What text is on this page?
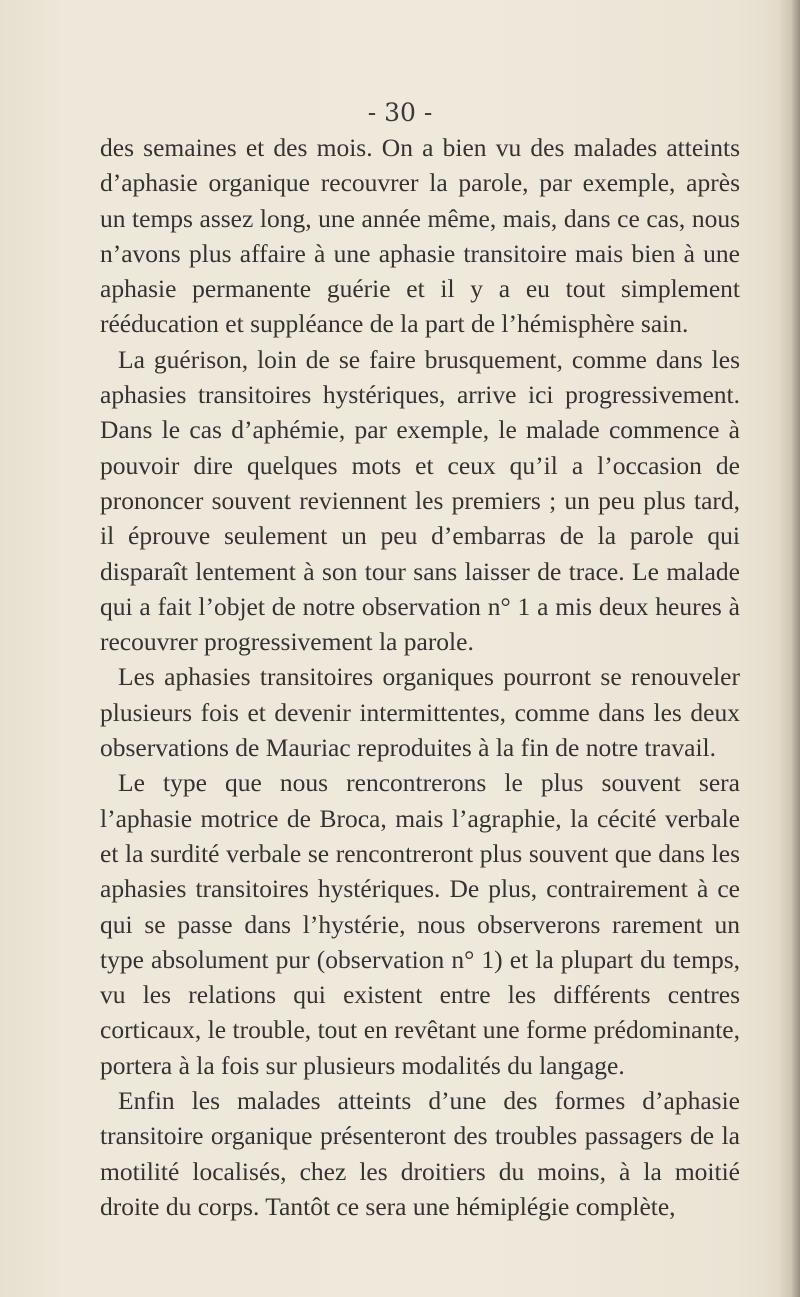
- 30 -

des semaines et des mois. On a bien vu des malades atteints d’aphasie organique recouvrer la parole, par exemple, après un temps assez long, une année même, mais, dans ce cas, nous n’avons plus affaire à une aphasie transitoire mais bien à une aphasie permanente guérie et il y a eu tout simplement rééducation et suppléance de la part de l’hémisphère sain.

La guérison, loin de se faire brusquement, comme dans les aphasies transitoires hystériques, arrive ici progressivement. Dans le cas d’aphémie, par exemple, le malade commence à pouvoir dire quelques mots et ceux qu’il a l’occasion de prononcer souvent reviennent les premiers ; un peu plus tard, il éprouve seulement un peu d’embarras de la parole qui disparaît lentement à son tour sans laisser de trace. Le malade qui a fait l’objet de notre observation n° 1 a mis deux heures à recouvrer progressivement la parole.

Les aphasies transitoires organiques pourront se renouveler plusieurs fois et devenir intermittentes, comme dans les deux observations de Mauriac reproduites à la fin de notre travail.

Le type que nous rencontrerons le plus souvent sera l’aphasie motrice de Broca, mais l’agraphie, la cécité verbale et la surdité verbale se rencontreront plus souvent que dans les aphasies transitoires hystériques. De plus, contrairement à ce qui se passe dans l’hystérie, nous observerons rarement un type absolument pur (observation n° 1) et la plupart du temps, vu les relations qui existent entre les différents centres corticaux, le trouble, tout en revêtant une forme prédominante, portera à la fois sur plusieurs modalités du langage.

Enfin les malades atteints d’une des formes d’aphasie transitoire organique présenteront des troubles passagers de la motilité localisés, chez les droitiers du moins, à la moitié droite du corps. Tantôt ce sera une hémiplégie complète,
